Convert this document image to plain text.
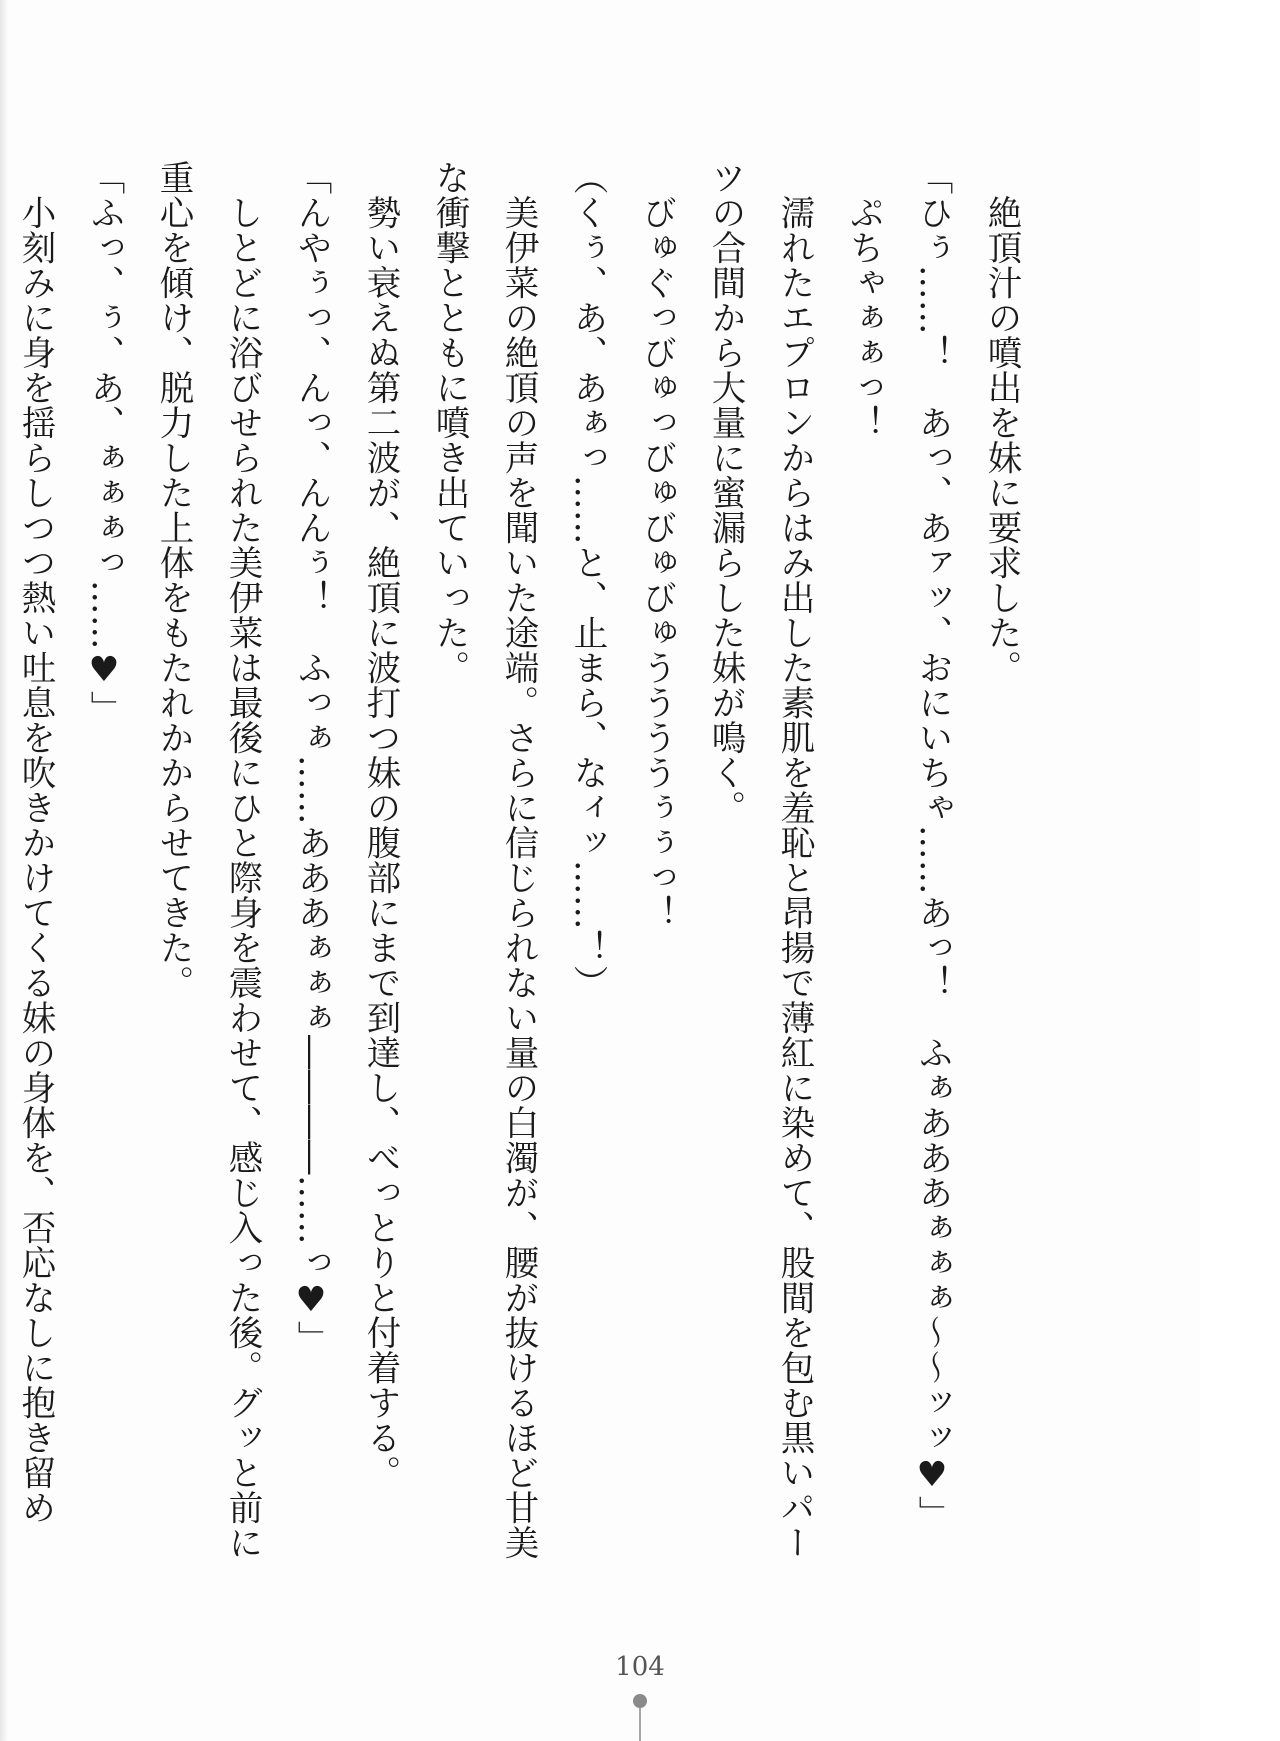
絶頂汁の噴出を妹に要求した。

「ひぅ……！　あっ、あァッ、おにいちゃ……あっ！　ふぁあああぁぁぁ〜〜ッッ♥」

ぷちゃぁぁっ！

濡れたエプロンからはみ出した素肌を羞恥と昂揚で薄紅に染めて、股間を包む黒いパーツの合間から大量に蜜漏らした妹が鳴く。

びゅぐっびゅっびゅびゅびゅううううぅぅっ！

（くぅ、あ、あぁっ……と、止まら、なィッ……！）

美伊菜の絶頂の声を聞いた途端。さらに信じられない量の白濁が、腰が抜けるほど甘美な衝撃とともに噴き出ていった。

勢い衰えぬ第二波が、絶頂に波打つ妹の腹部にまで到達し、べっとりと付着する。

「んやぅっ、んっ、んんぅ！　ふっぁ……あああぁぁぁ――――……っ♥」

しとどに浴びせられた美伊菜は最後にひと際身を震わせて、感じ入った後。グッと前に重心を傾け、脱力した上体をもたれかからせてきた。

「ふっ、ぅ、あ、ぁぁぁっ……♥」

小刻みに身を揺らしつつ熱い吐息を吹きかけてくる妹の身体を、否応なしに抱き留め

104
